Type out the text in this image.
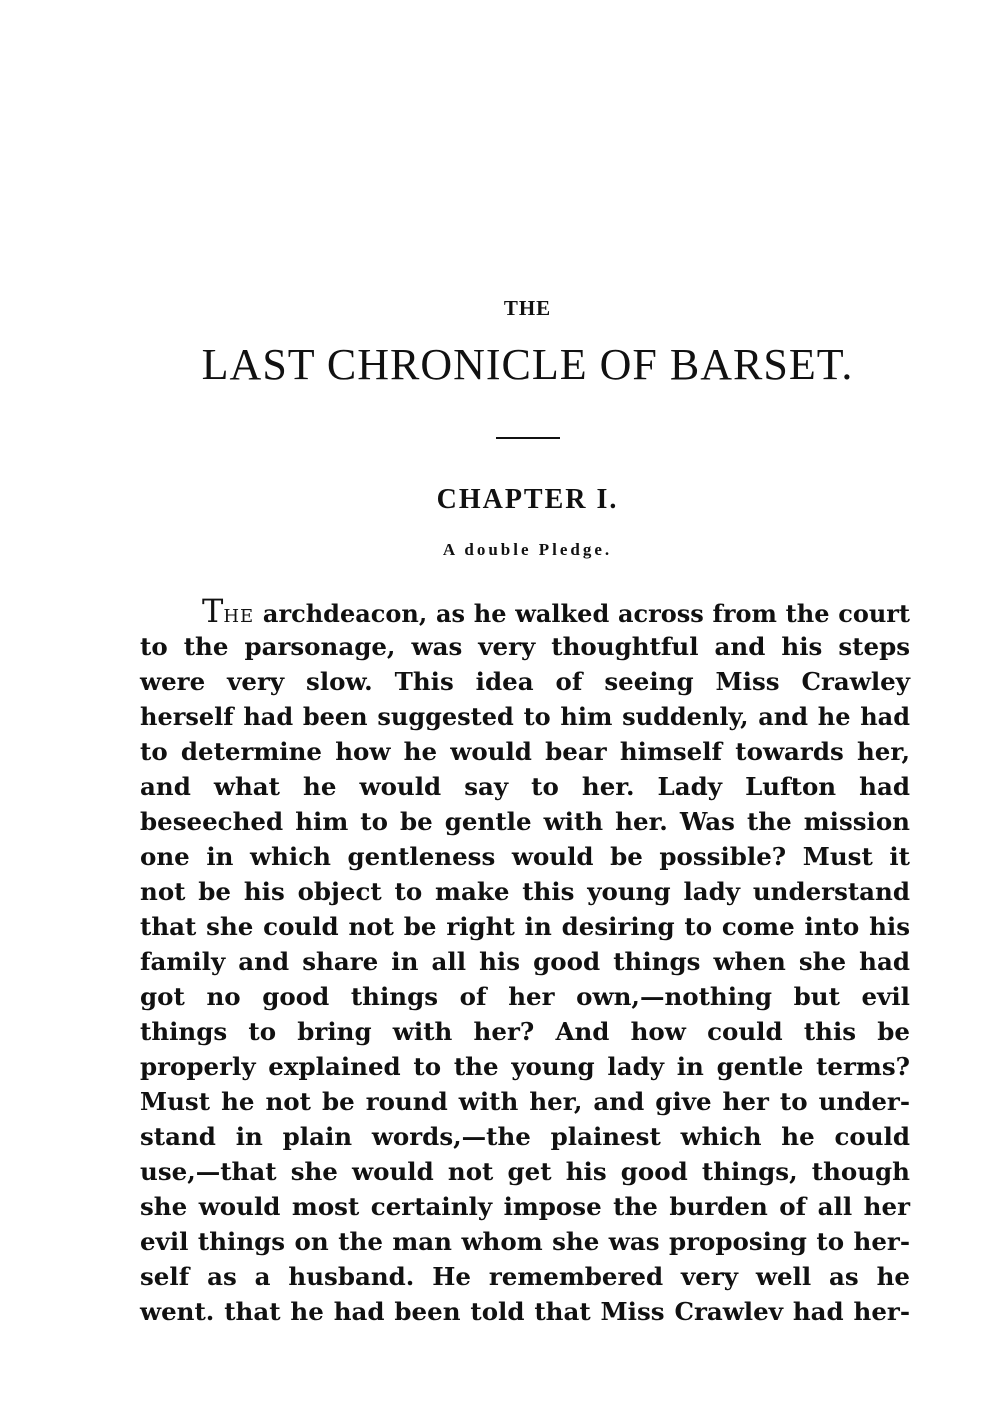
THE
LAST CHRONICLE OF BARSET.
CHAPTER I.
A double Pledge.
THE archdeacon, as he walked across from the court
to the parsonage, was very thoughtful and his steps
were very slow. This idea of seeing Miss Crawley
herself had been suggested to him suddenly, and he had
to determine how he would bear himself towards her,
and what he would say to her. Lady Lufton had
beseeched him to be gentle with her. Was the mission
one in which gentleness would be possible? Must it
not be his object to make this young lady understand
that she could not be right in desiring to come into his
family and share in all his good things when she had
got no good things of her own,—nothing but evil
things to bring with her? And how could this be
properly explained to the young lady in gentle terms?
Must he not be round with her, and give her to under-
stand in plain words,—the plainest which he could
use,—that she would not get his good things, though
she would most certainly impose the burden of all her
evil things on the man whom she was proposing to her-
self as a husband. He remembered very well as he
went. that he had been told that Miss Crawlev had her-
